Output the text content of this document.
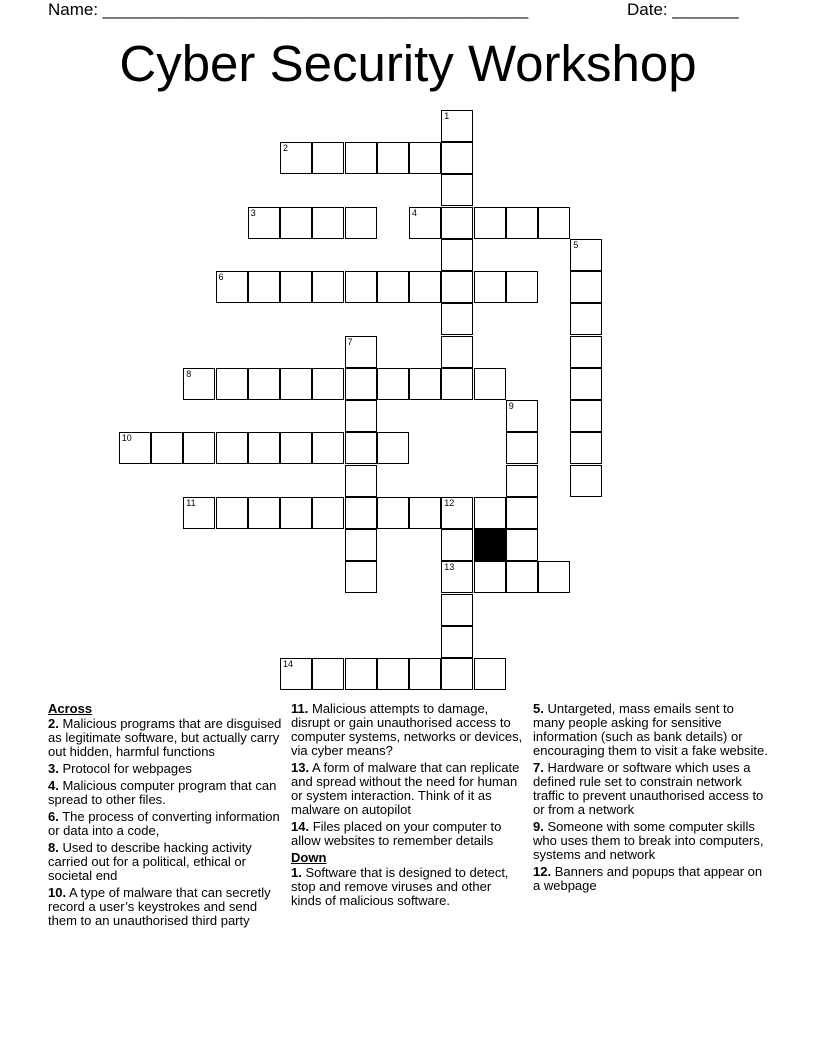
Name: _____________________________________________	Date: _______
Cyber Security Workshop
1
2
3	4
5
6
7
8
9
10
11	12
13
14
Across
2. Malicious programs that are disguised as legitimate software, but actually carry out hidden, harmful functions
3. Protocol for webpages
4. Malicious computer program that can spread to other files.
6. The process of converting information or data into a code,
8. Used to describe hacking activity carried out for a political, ethical or societal end
10. A type of malware that can secretly record a user’s keystrokes and send them to an unauthorised third party
11. Malicious attempts to damage, disrupt or gain unauthorised access to computer systems, networks or devices, via cyber means?
13. A form of malware that can replicate and spread without the need for human or system interaction. Think of it as malware on autopilot
14. Files placed on your computer to allow websites to remember details
Down
1. Software that is designed to detect, stop and remove viruses and other kinds of malicious software.
5. Untargeted, mass emails sent to many people asking for sensitive information (such as bank details) or encouraging them to visit a fake website.
7. Hardware or software which uses a defined rule set to constrain network traffic to prevent unauthorised access to or from a network
9. Someone with some computer skills who uses them to break into computers, systems and network
12. Banners and popups that appear on a webpage
